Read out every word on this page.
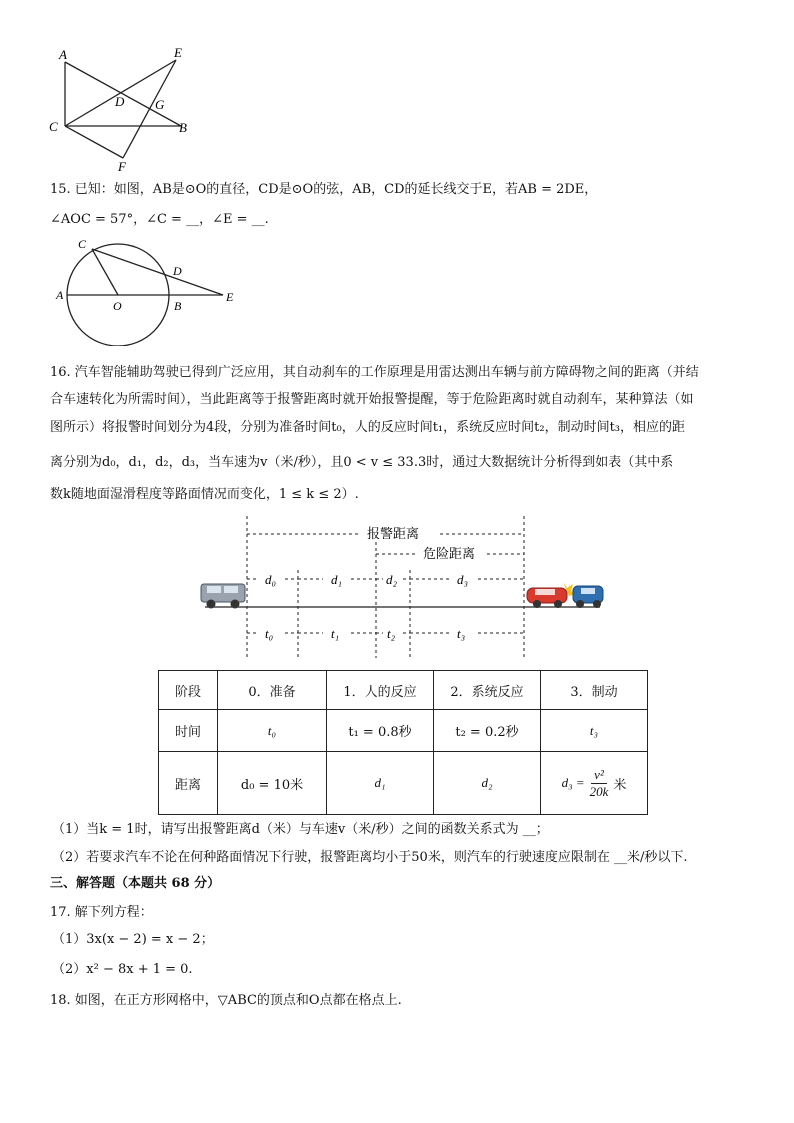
A	E
D G
C	B
F
15. 已知：如图，AB是⊙O的直径，CD是⊙O的弦，AB，CD的延长线交于E，若AB = 2DE，
∠AOC = 57°，∠C = __，∠E = __.
C
D
A
O	B
E
16. 汽车智能辅助驾驶已得到广泛应用，其自动刹车的工作原理是用雷达测出车辆与前方障碍物之间的距离（并结
合车速转化为所需时间），当此距离等于报警距离时就开始报警提醒，等于危险距离时就自动刹车，某种算法（如
图所示）将报警时间划分为4段，分别为准备时间t₀，人的反应时间t₁，系统反应时间t₂，制动时间t₃，相应的距
离分别为d₀，d₁，d₂，d₃，当车速为v（米/秒），且0 < v ≤ 33.3时，通过大数据统计分析得到如表（其中系
数k随地面湿滑程度等路面情况而变化，1 ≤ k ≤ 2）.
报警距离
危险距离
d₀	d₁	d₂	d₃
t₀	t₁	t₂	t₃
阶段	0．准备	1．人的反应	2．系统反应	3．制动
时间	t₀	t₁ = 0.8秒	t₂ = 0.2秒	t₃
距离	d₀ = 10米	d₁	d₂	$d_3 = \frac{\text{v²}}{20k}$ 米
（1）当k = 1时，请写出报警距离d（米）与车速v（米/秒）之间的函数关系式为 __；
（2）若要求汽车不论在何种路面情况下行驶，报警距离均小于50米，则汽车的行驶速度应限制在 __米/秒以下.
三、解答题（本题共 68 分）
17. 解下列方程：
（1）3x(x − 2) = x − 2；
（2）x² − 8x + 1 = 0.
18. 如图，在正方形网格中，▽ABC的顶点和O点都在格点上.
